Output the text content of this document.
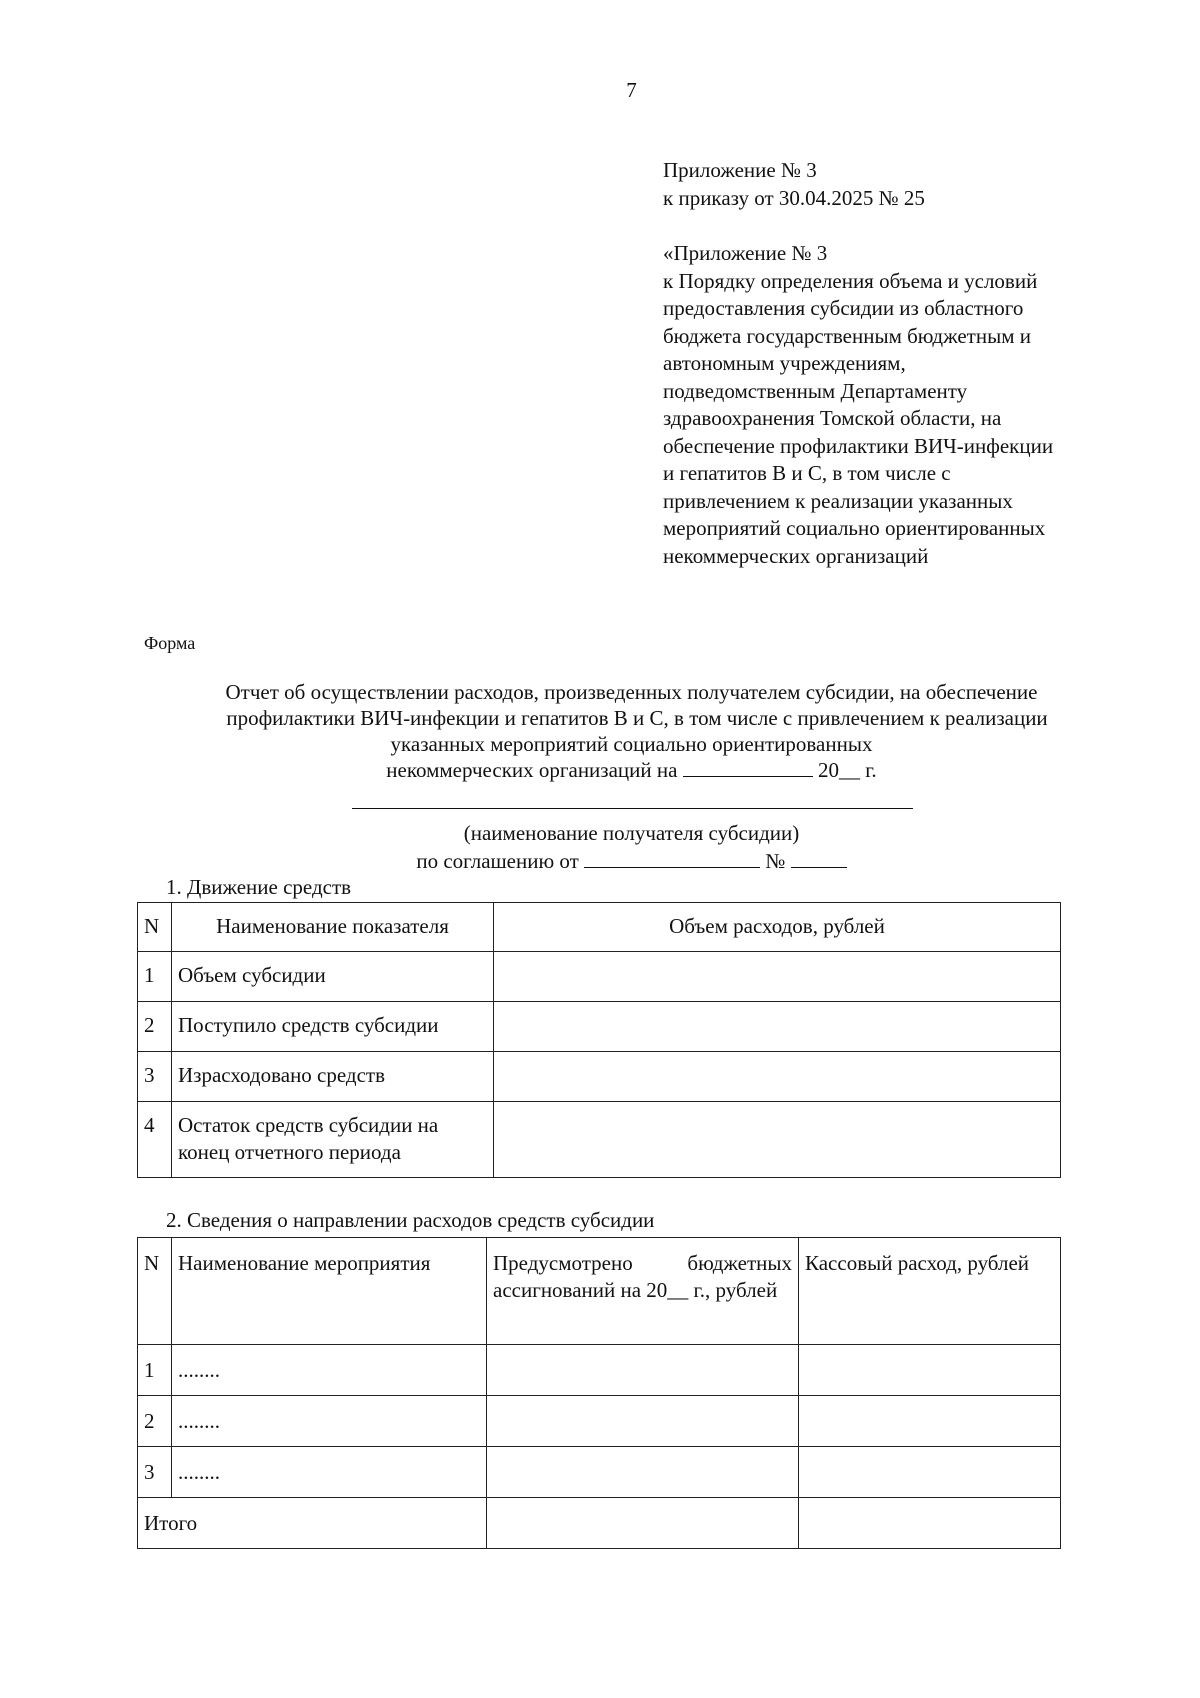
7
Приложение № 3
к приказу от 30.04.2025 № 25
«Приложение № 3
к Порядку определения объема и условий
предоставления субсидии из областного
бюджета государственным бюджетным и
автономным учреждениям,
подведомственным Департаменту
здравоохранения Томской области, на
обеспечение профилактики ВИЧ-инфекции
и гепатитов В и С, в том числе с
привлечением к реализации указанных
мероприятий социально ориентированных
некоммерческих организаций
Форма
Отчет об осуществлении расходов, произведенных получателем субсидии, на обеспечение
профилактики ВИЧ-инфекции и гепатитов В и С, в том числе с привлечением к реализации
указанных мероприятий социально ориентированных
некоммерческих организаций на	20__ г.
(наименование получателя субсидии)
по соглашению от	№
1. Движение средств
N	Наименование показателя	Объем расходов, рублей
1	Объем субсидии	
2	Поступило средств субсидии	
3	Израсходовано средств	
4	Остаток средств субсидии на конец отчетного периода	
2. Сведения о направлении расходов средств субсидии
N	Наименование мероприятия	Предусмотрено бюджетных ассигнований на 20__ г., рублей	Кассовый расход, рублей
1	........		
2	........		
3	........		
Итого			
